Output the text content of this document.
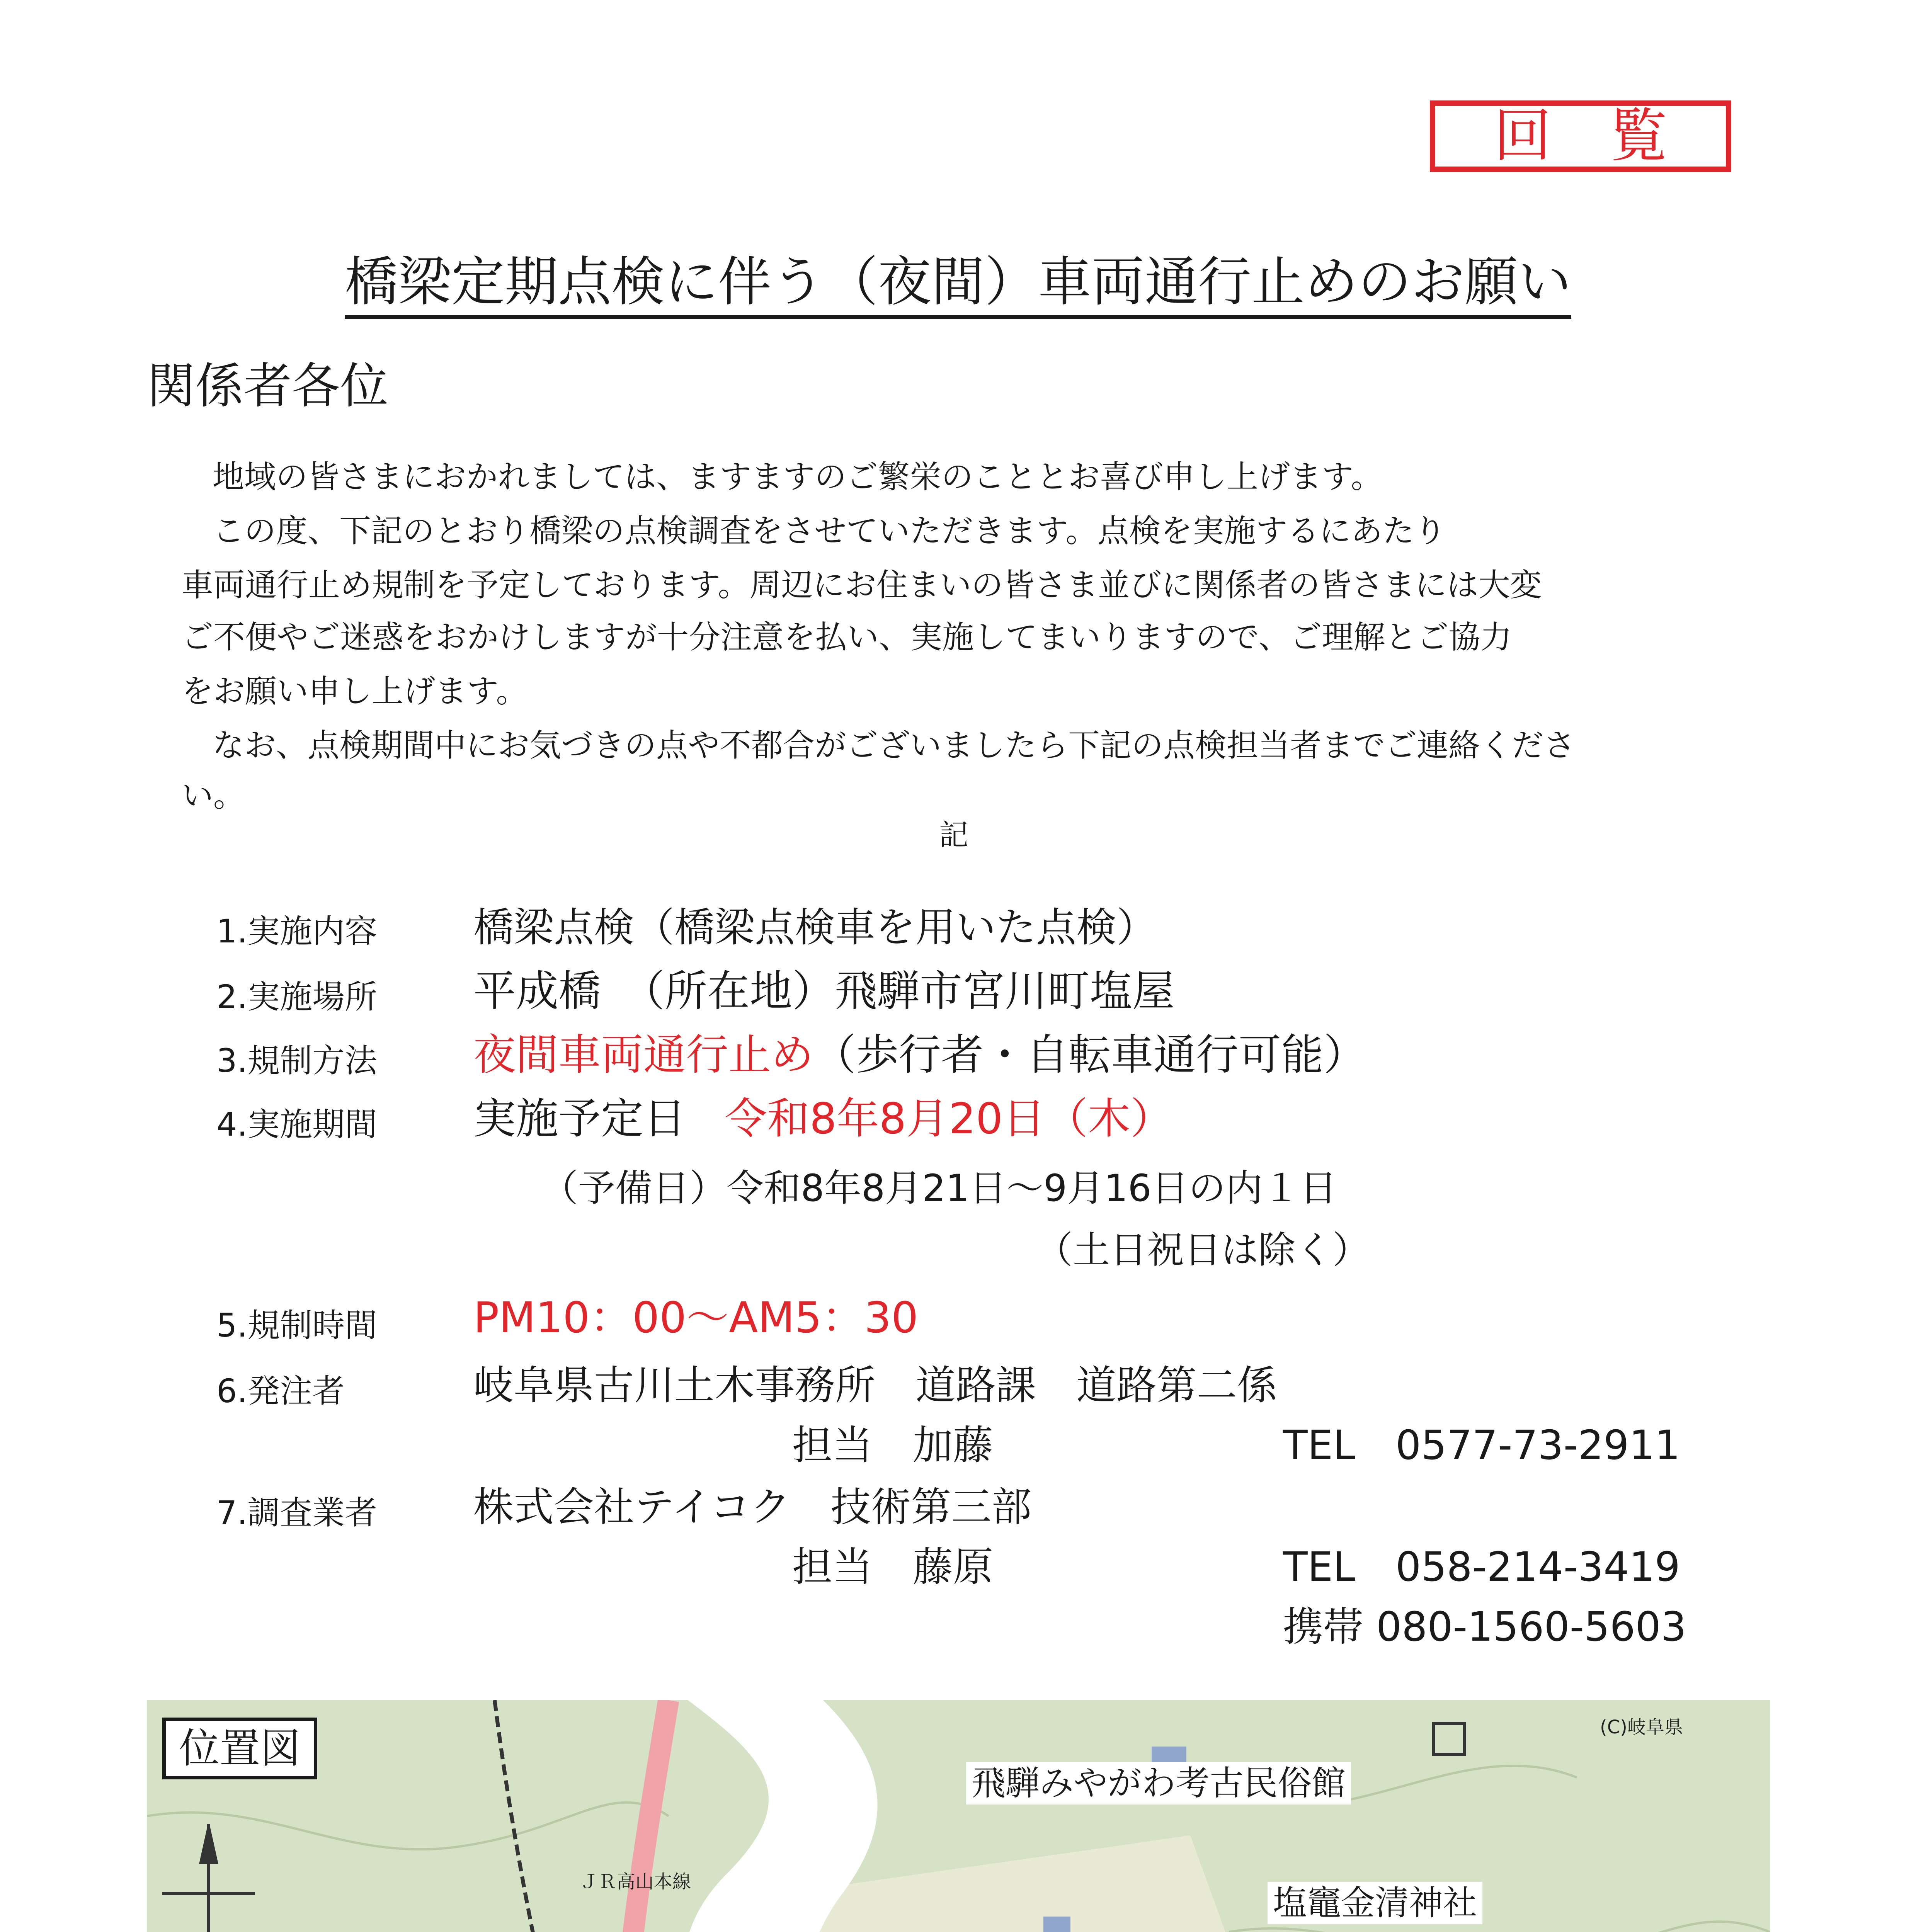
回 覧
橋梁定期点検に伴う（夜間）車両通行止めのお願い
関係者各位
地域の皆さまにおかれましては、ますますのご繁栄のこととお喜び申し上げます。
この度、下記のとおり橋梁の点検調査をさせていただきます。点検を実施するにあたり
車両通行止め規制を予定しております。周辺にお住まいの皆さま並びに関係者の皆さまには大変
ご不便やご迷惑をおかけしますが十分注意を払い、実施してまいりますので、ご理解とご協力
をお願い申し上げます。
なお、点検期間中にお気づきの点や不都合がございましたら下記の点検担当者までご連絡くださ
い。
記
1.実施内容 橋梁点検（橋梁点検車を用いた点検）
2.実施場所 平成橋　（所在地）飛騨市宮川町塩屋
3.規制方法 夜間車両通行止め（歩行者・自転車通行可能）
4.実施期間 実施予定日 令和8年8月20日（木）
（予備日）令和8年8月21日～9月16日の内１日
（土日祝日は除く）
5.規制時間 PM10：00～AM5：30
6.発注者	岐阜県古川土木事務所　道路課　道路第二係
担当　加藤	TEL　0577-73-2911
7.調査業者 株式会社テイコク　技術第三部
担当　藤原	TEL　058-214-3419
携帯 080-1560-5603
位置図	(C)岐阜県
飛騨みやがわ考古民俗館
塩竈金清神社
ＪＲ高山本線
